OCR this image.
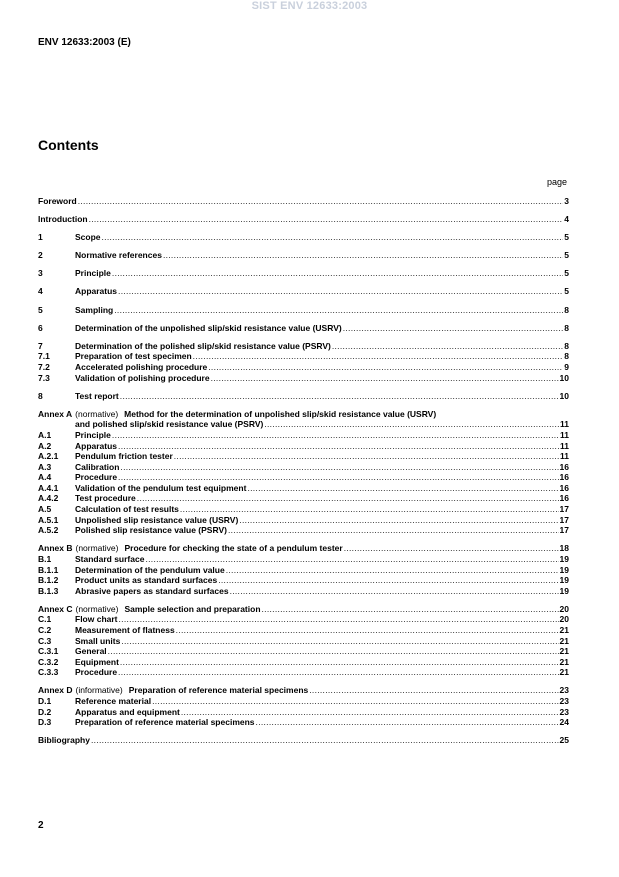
SIST ENV 12633:2003
ENV 12633:2003 (E)
Contents
page
Foreword .....	3
Introduction .....	4
1	Scope .....	5
2	Normative references .....	5
3	Principle .....	5
4	Apparatus .....	5
5	Sampling .....	8
6	Determination of the unpolished slip/skid resistance value (USRV) .....	8
7	Determination of the polished slip/skid resistance value (PSRV) .....	8
7.1	Preparation of test specimen .....	8
7.2	Accelerated polishing procedure .....	9
7.3	Validation of polishing procedure .....	10
8	Test report .....	10
Annex A (normative) Method for the determination of unpolished slip/skid resistance value (USRV)
and polished slip/skid resistance value (PSRV) .....	11
A.1	Principle .....	11
A.2	Apparatus .....	11
A.2.1	Pendulum friction tester .....	11
A.3	Calibration .....	16
A.4	Procedure .....	16
A.4.1	Validation of the pendulum test equipment .....	16
A.4.2	Test procedure .....	16
A.5	Calculation of test results .....	17
A.5.1	Unpolished slip resistance value (USRV) .....	17
A.5.2	Polished slip resistance value (PSRV) .....	17
Annex B (normative) Procedure for checking the state of a pendulum tester .....	18
B.1	Standard surface .....	19
B.1.1	Determination of the pendulum value .....	19
B.1.2	Product units as standard surfaces .....	19
B.1.3	Abrasive papers as standard surfaces .....	19
Annex C (normative) Sample selection and preparation .....	20
C.1	Flow chart .....	20
C.2	Measurement of flatness .....	21
C.3	Small units .....	21
C.3.1	General .....	21
C.3.2	Equipment .....	21
C.3.3	Procedure .....	21
Annex D (informative) Preparation of reference material specimens .....	23
D.1	Reference material .....	23
D.2	Apparatus and equipment .....	23
D.3	Preparation of reference material specimens .....	24
Bibliography .....	25
2
